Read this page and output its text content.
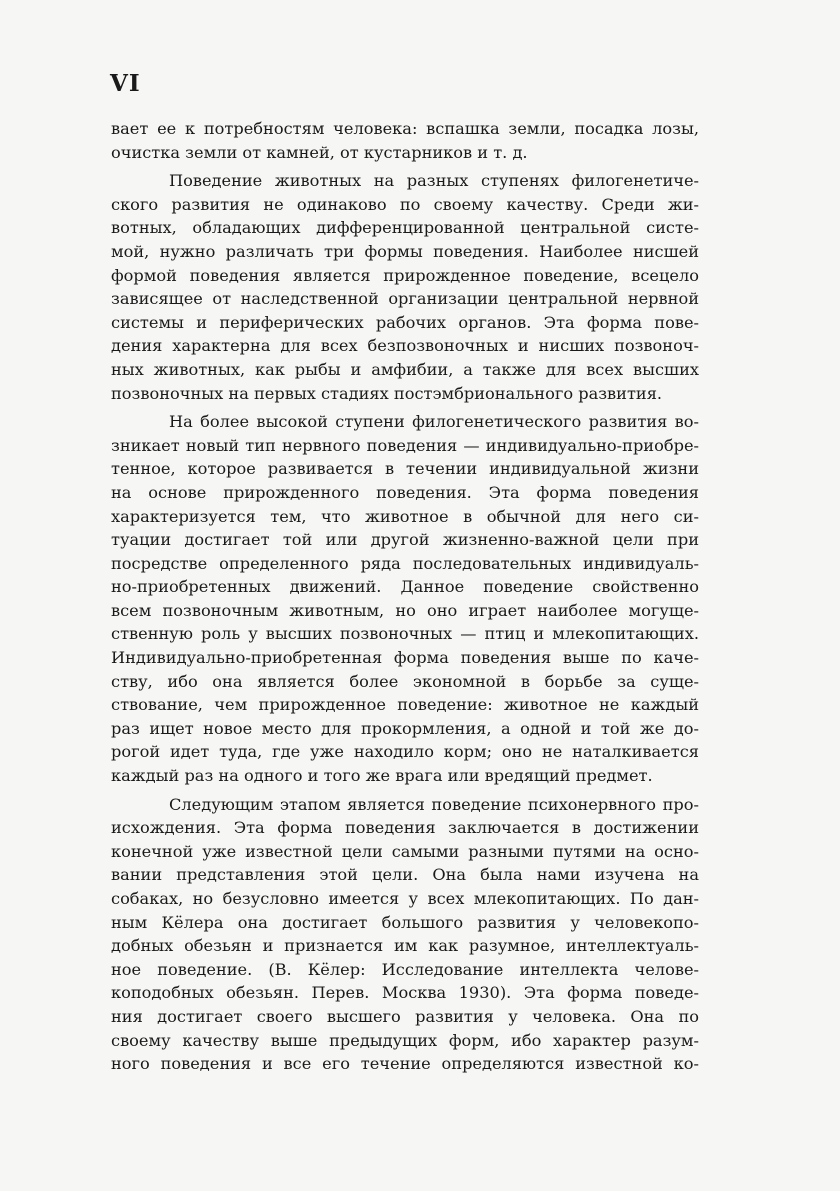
VI
вает ее к потребностям человека: вспашка земли, посадка лозы,
очистка земли от камней, от кустарников и т. д.
Поведение животных на разных ступенях филогенетиче-
ского развития не одинаково по своему качеству. Среди жи-
вотных, обладающих дифференцированной центральной систе-
мой, нужно различать три формы поведения. Наиболее нисшей
формой поведения является прирожденное поведение, всецело
зависящее от наследственной организации центральной нервной
системы и периферических рабочих органов. Эта форма пове-
дения характерна для всех безпозвоночных и нисших позвоноч-
ных животных, как рыбы и амфибии, а также для всех высших
позвоночных на первых стадиях постэмбрионального развития.
На более высокой ступени филогенетического развития во-
зникает новый тип нервного поведения — индивидуально-приобре-
тенное, которое развивается в течении индивидуальной жизни
на основе прирожденного поведения. Эта форма поведения
характеризуется тем, что животное в обычной для него си-
туации достигает той или другой жизненно-важной цели при
посредстве определенного ряда последовательных индивидуаль-
но-приобретенных движений. Данное поведение свойственно
всем позвоночным животным, но оно играет наиболее могуще-
ственную роль у высших позвоночных — птиц и млекопитающих.
Индивидуально-приобретенная форма поведения выше по каче-
ству, ибо она является более экономной в борьбе за суще-
ствование, чем прирожденное поведение: животное не каждый
раз ищет новое место для прокормления, а одной и той же до-
рогой идет туда, где уже находило корм; оно не наталкивается
каждый раз на одного и того же врага или вредящий предмет.
Следующим этапом является поведение психонервного про-
исхождения. Эта форма поведения заключается в достижении
конечной уже известной цели самыми разными путями на осно-
вании представления этой цели. Она была нами изучена на
собаках, но безусловно имеется у всех млекопитающих. По дан-
ным Кёлера она достигает большого развития у человекопо-
добных обезьян и признается им как разумное, интеллектуаль-
ное поведение. (В. Кёлер: Исследование интеллекта челове-
коподобных обезьян. Перев. Москва 1930). Эта форма поведе-
ния достигает своего высшего развития у человека. Она по
своему качеству выше предыдущих форм, ибо характер разум-
ного поведения и все его течение определяются известной ко-
